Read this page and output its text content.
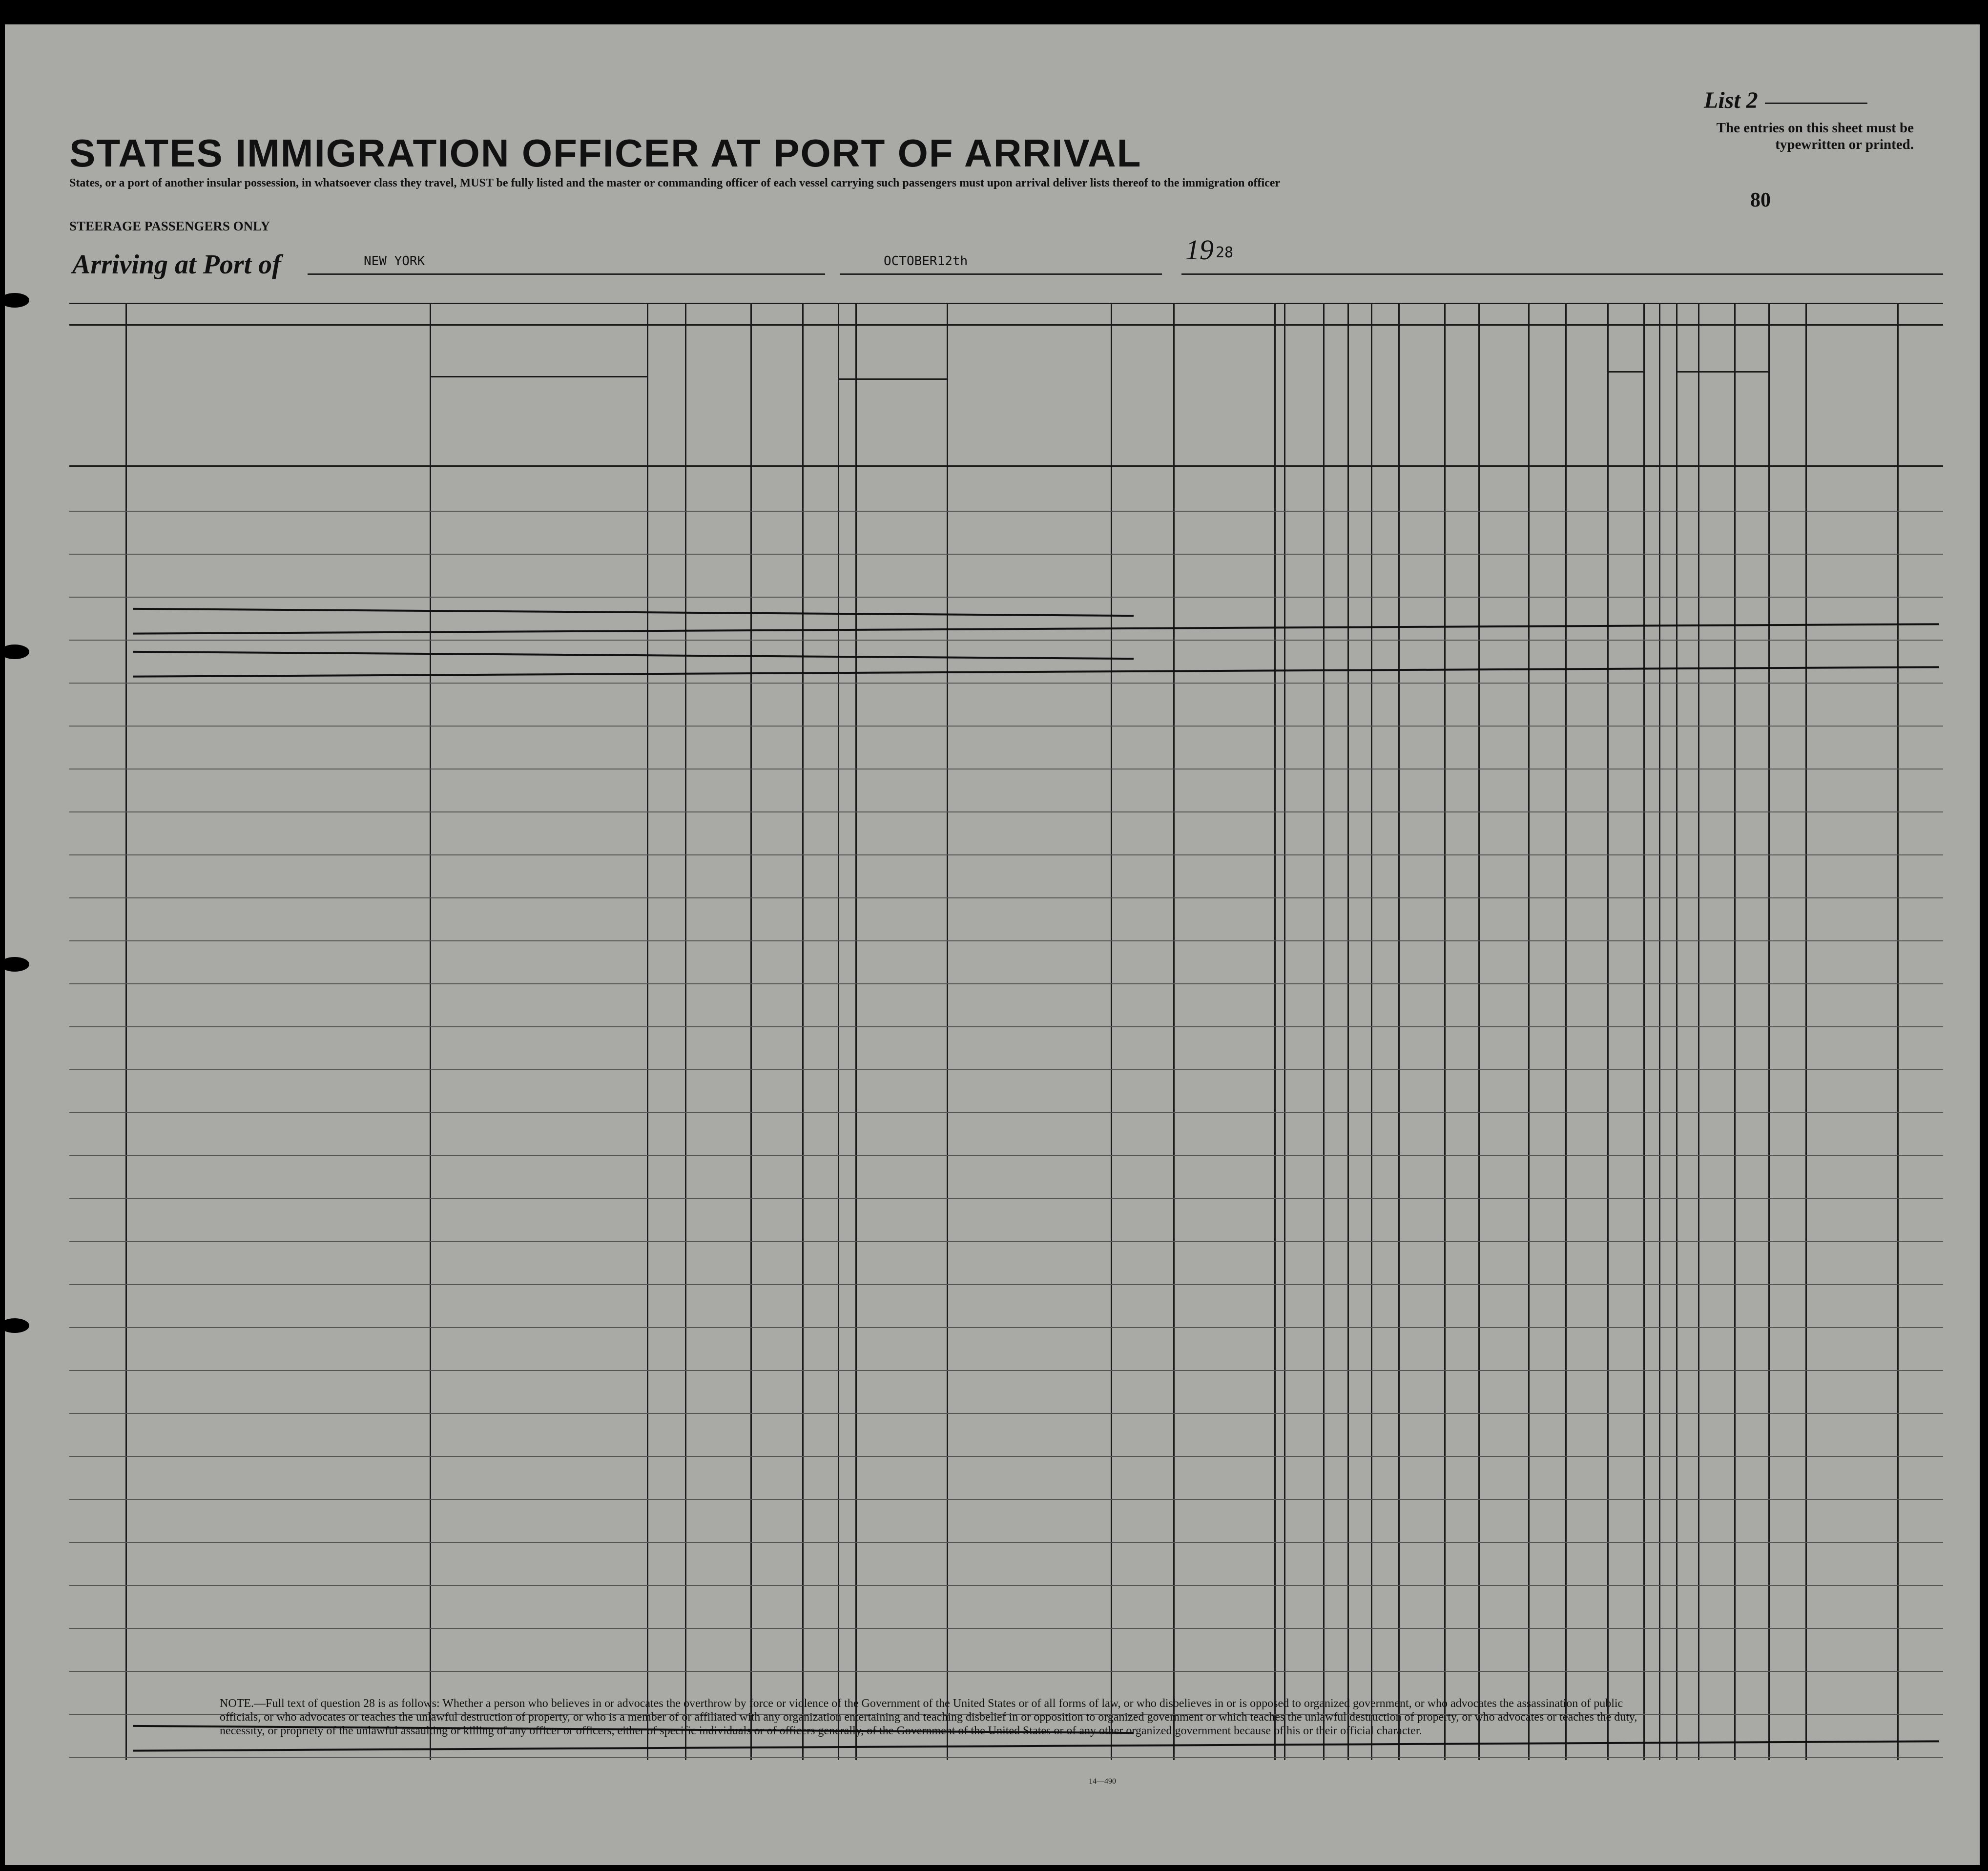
List 2
The entries on this sheet must be typewritten or printed.
80
STATES IMMIGRATION OFFICER AT PORT OF ARRIVAL
States, or a port of another insular possession, in whatsoever class they travel, MUST be fully listed and the master or commanding officer of each vessel carrying such passengers must upon arrival deliver lists thereof to the immigration officer
STEERAGE PASSENGERS ONLY
Arriving at Port of	NEW YORK	OCTOBER12th	19 28
NOTE.—Full text of question 28 is as follows: Whether a person who believes in or advocates the overthrow by force or violence of the Government of the United States or of all forms of law, or who disbelieves in or is opposed to organized government, or who advocates the assassination of public officials, or who advocates or teaches the unlawful destruction of property, or who is a member of or affiliated with any organization entertaining and teaching disbelief in or opposition to organized government or which teaches the unlawful destruction of property, or who advocates or teaches the duty, necessity, or propriety of the unlawful assaulting or killing of any officer or officers, either of specific individuals or of officers generally, of the Government of the United States or of any other organized government because of his or their official character.
14—490
